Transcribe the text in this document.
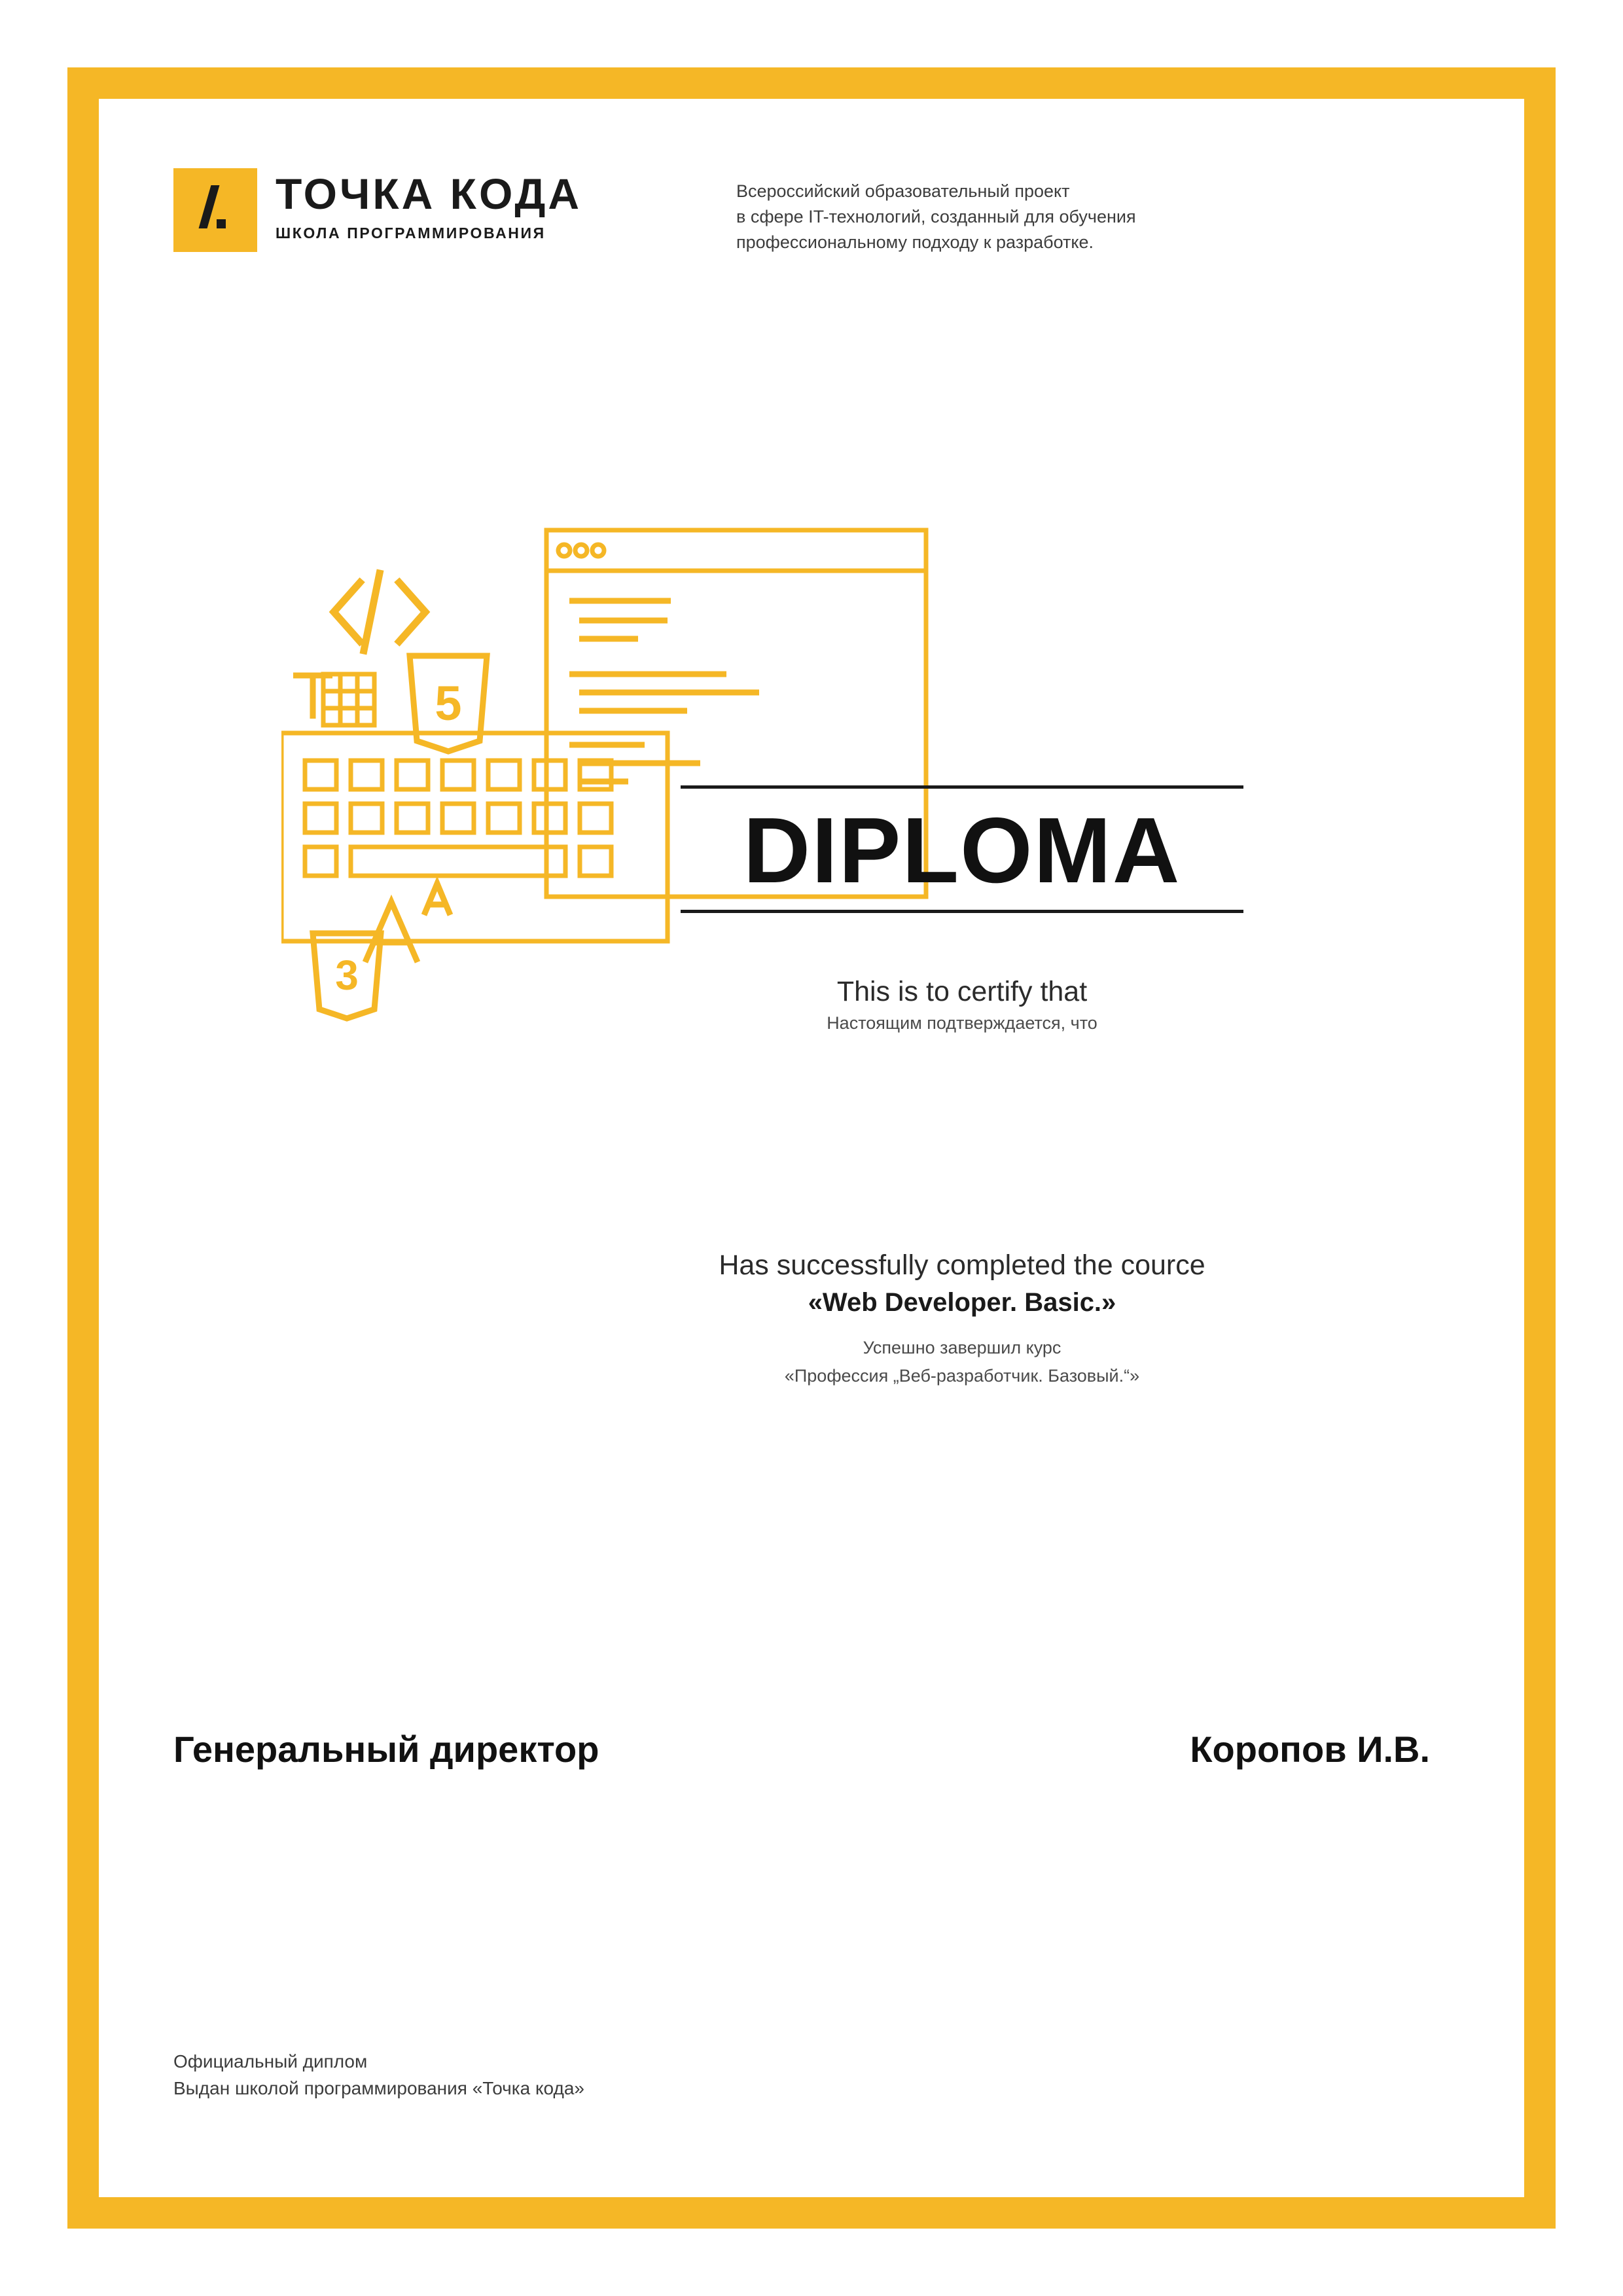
ТОЧКА КОДА
ШКОЛА ПРОГРАММИРОВАНИЯ
Всероссийский образовательный проект
в сфере IT-технологий, созданный для обучения
профессиональному подходу к разработке.
5
3
DIPLOMA
This is to certify that
Настоящим подтверждается, что
Has successfully completed the cource
«Web Developer. Basic.»
Успешно завершил курс
«Профессия „Веб-разработчик. Базовый.“»
Генеральный директор	Коропов И.В.
Официальный диплом
Выдан школой программирования «Точка кода»
